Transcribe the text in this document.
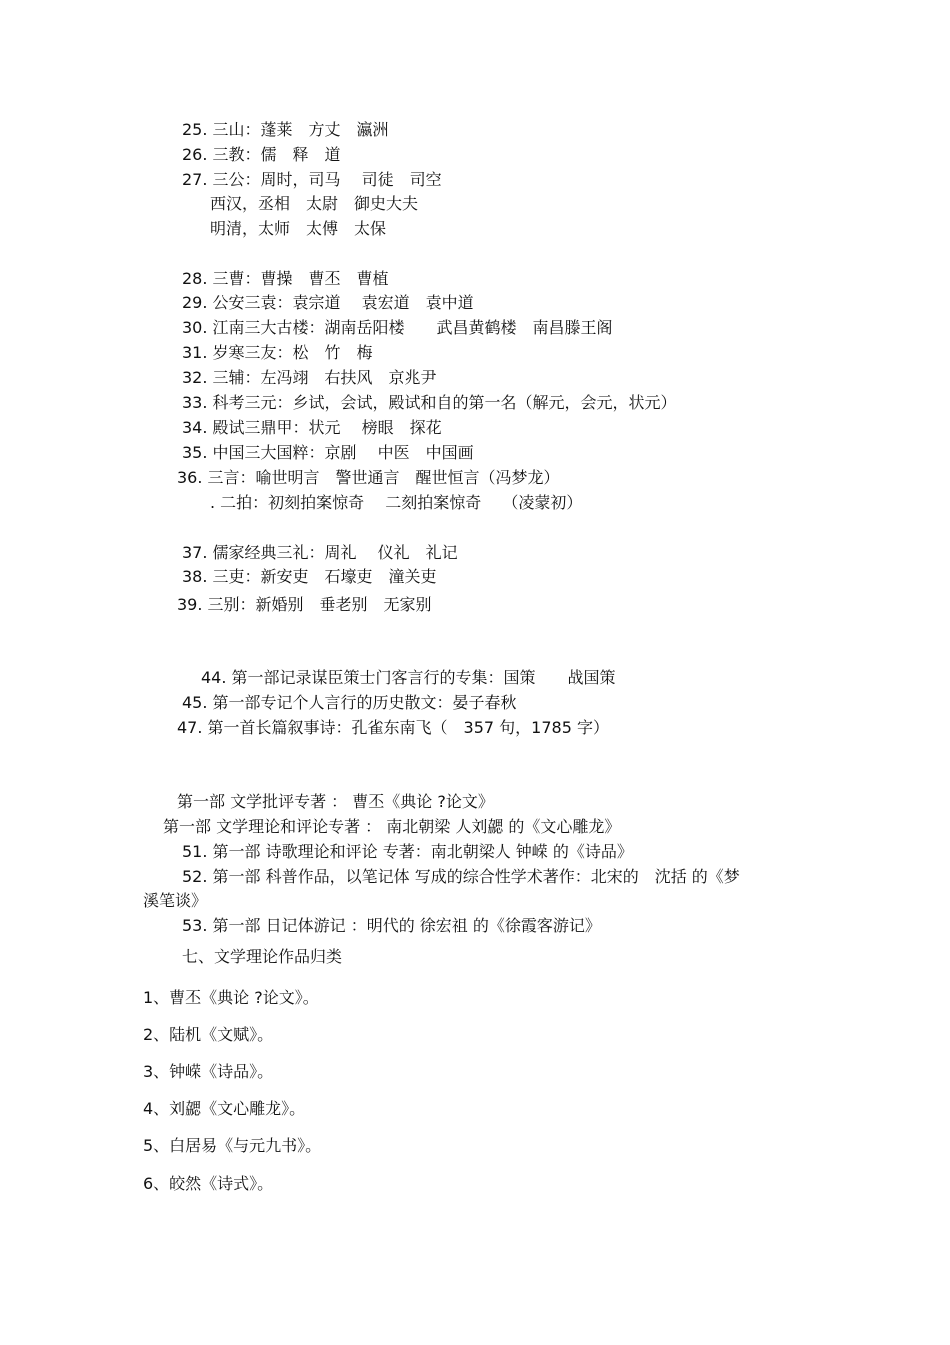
25. 三山：蓬莱　方丈　瀛洲
26. 三教：儒　释　道
27. 三公：周时，司马　 司徒　司空
西汉，丞相　太尉　御史大夫
明清，太师　太傅　太保
28. 三曹：曹操　曹丕　曹植
29. 公安三袁：袁宗道　 袁宏道　袁中道
30. 江南三大古楼：湖南岳阳楼　　武昌黄鹤楼　南昌滕王阁
31. 岁寒三友：松　竹　梅
32. 三辅：左冯翊　右扶风　京兆尹
33. 科考三元：乡试，会试，殿试和自的第一名（解元，会元，状元）
34. 殿试三鼎甲：状元　 榜眼　探花
35. 中国三大国粹：京剧　 中医　中国画
36. 三言：喻世明言　警世通言　醒世恒言（冯梦龙）
. 二拍：初刻拍案惊奇　 二刻拍案惊奇　 （凌蒙初）
37. 儒家经典三礼：周礼　 仪礼　礼记
38. 三吏：新安吏　石壕吏　潼关吏
39. 三别：新婚别　垂老别　无家别
44. 第一部记录谋臣策士门客言行的专集：国策　　战国策
45. 第一部专记个人言行的历史散文：晏子春秋
47. 第一首长篇叙事诗：孔雀东南飞（　357 句，1785 字）
第一部 文学批评专著 ： 曹丕《典论 ?论文》
第一部 文学理论和评论专著 ： 南北朝梁 人刘勰 的《文心雕龙》
51. 第一部 诗歌理论和评论 专著：南北朝梁人 钟嵘 的《诗品》
52. 第一部 科普作品，以笔记体 写成的综合性学术著作：北宋的　沈括 的《梦
溪笔谈》
53. 第一部 日记体游记 ：明代的 徐宏祖 的《徐霞客游记》
七、文学理论作品归类
1、曹丕《典论 ?论文》。
2、陆机《文赋》。
3、钟嵘《诗品》。
4、刘勰《文心雕龙》。
5、白居易《与元九书》。
6、皎然《诗式》。
